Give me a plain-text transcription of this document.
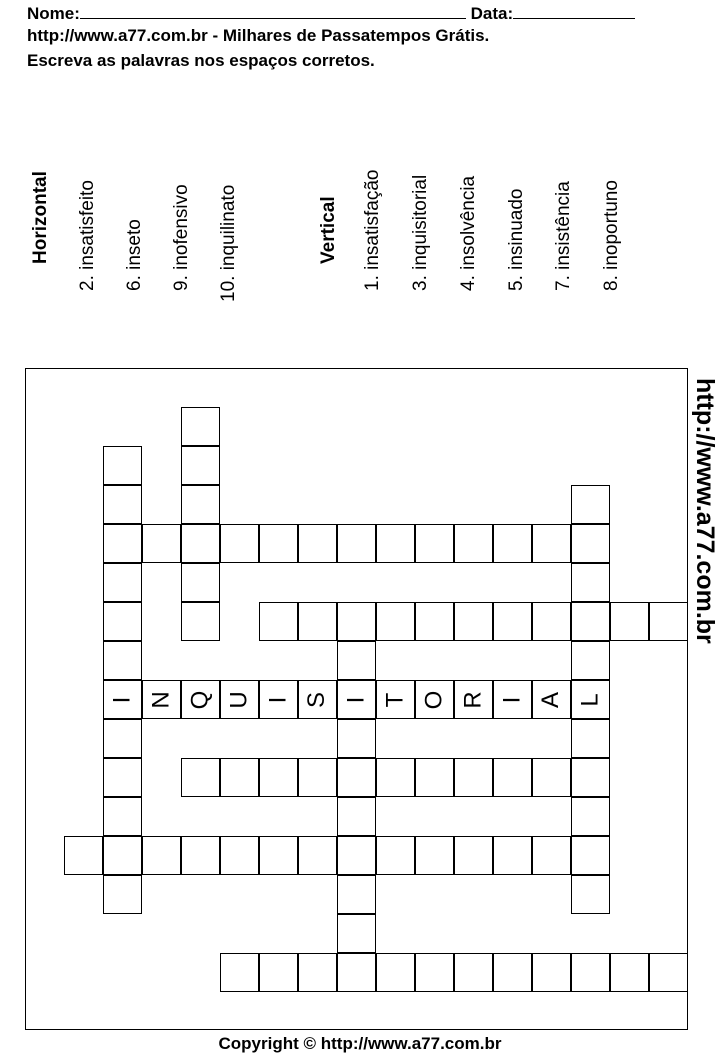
Nome:	Data:
http://www.a77.com.br - Milhares de Passatempos Grátis.
Escreva as palavras nos espaços corretos.
Horizontal 2. insatisfeito 6. inseto 9. inofensivo 10. inquilinato	Vertical 1. insatisfação 3. inquisitorial 4. insolvência 5. insinuado 7. insistência 8. inoportuno
I	I	L
N Q U I S T O R I A
http://www.a77.com.br
Copyright © http://www.a77.com.br
